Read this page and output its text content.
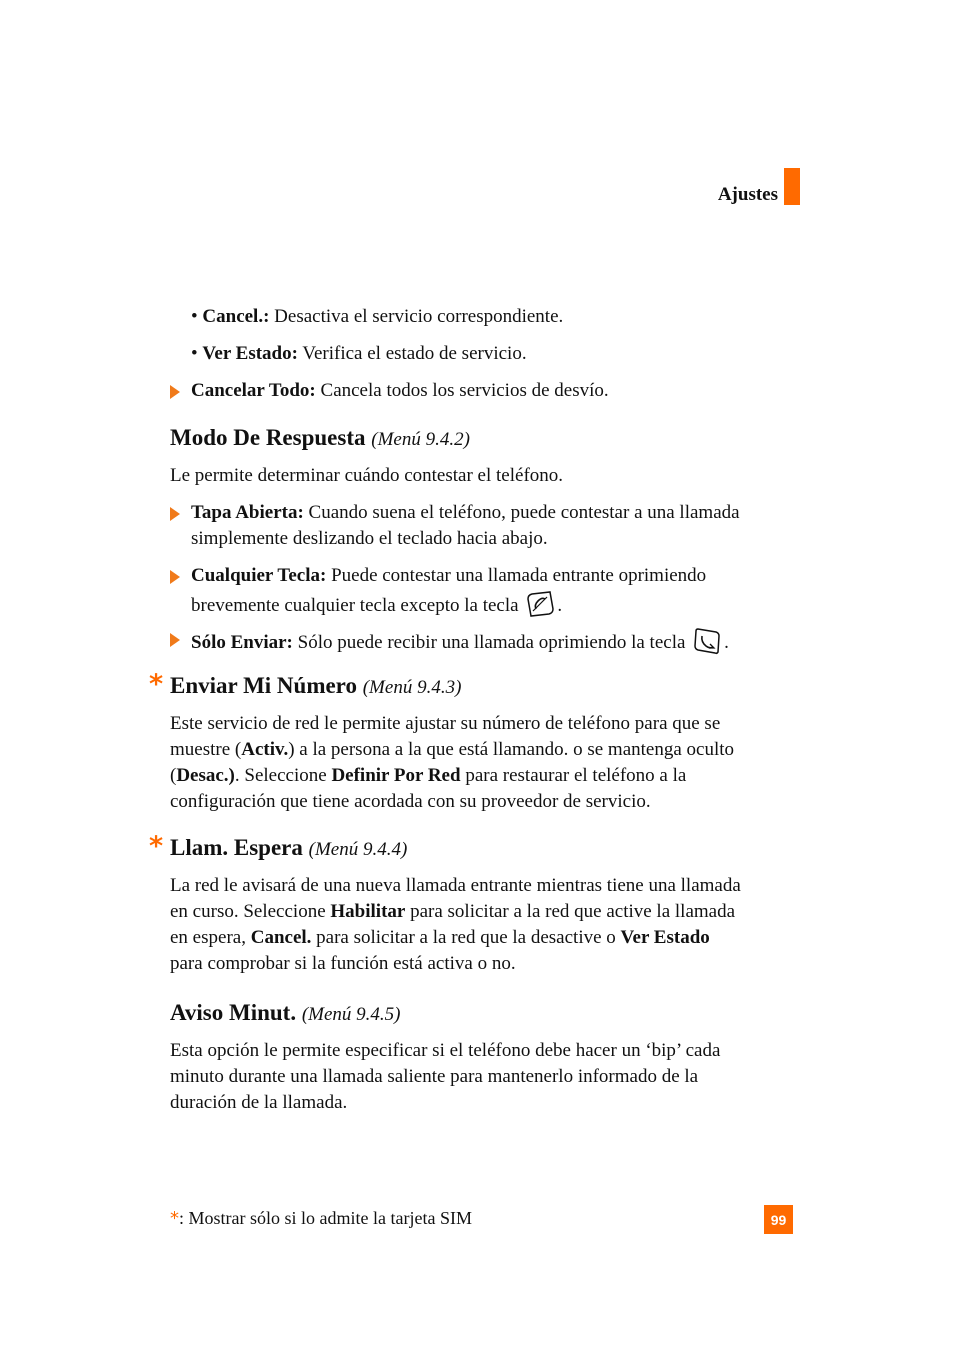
Ajustes
• Cancel.: Desactiva el servicio correspondiente.
• Ver Estado: Verifica el estado de servicio.
Cancelar Todo: Cancela todos los servicios de desvío.
Modo De Respuesta (Menú 9.4.2)
Le permite determinar cuándo contestar el teléfono.
Tapa Abierta: Cuando suena el teléfono, puede contestar a una llamada
simplemente deslizando el teclado hacia abajo.
Cualquier Tecla: Puede contestar una llamada entrante oprimiendo
brevemente cualquier tecla excepto la tecla .
Sólo Enviar: Sólo puede recibir una llamada oprimiendo la tecla .
* Enviar Mi Número (Menú 9.4.3)
Este servicio de red le permite ajustar su número de teléfono para que se
muestre (Activ.) a la persona a la que está llamando. o se mantenga oculto
(Desac.). Seleccione Definir Por Red para restaurar el teléfono a la
configuración que tiene acordada con su proveedor de servicio.
* Llam. Espera (Menú 9.4.4)
La red le avisará de una nueva llamada entrante mientras tiene una llamada
en curso. Seleccione Habilitar para solicitar a la red que active la llamada
en espera, Cancel. para solicitar a la red que la desactive o Ver Estado
para comprobar si la función está activa o no.
Aviso Minut. (Menú 9.4.5)
Esta opción le permite especificar si el teléfono debe hacer un ‘bip’ cada
minuto durante una llamada saliente para mantenerlo informado de la
duración de la llamada.
*: Mostrar sólo si lo admite la tarjeta SIM	99
